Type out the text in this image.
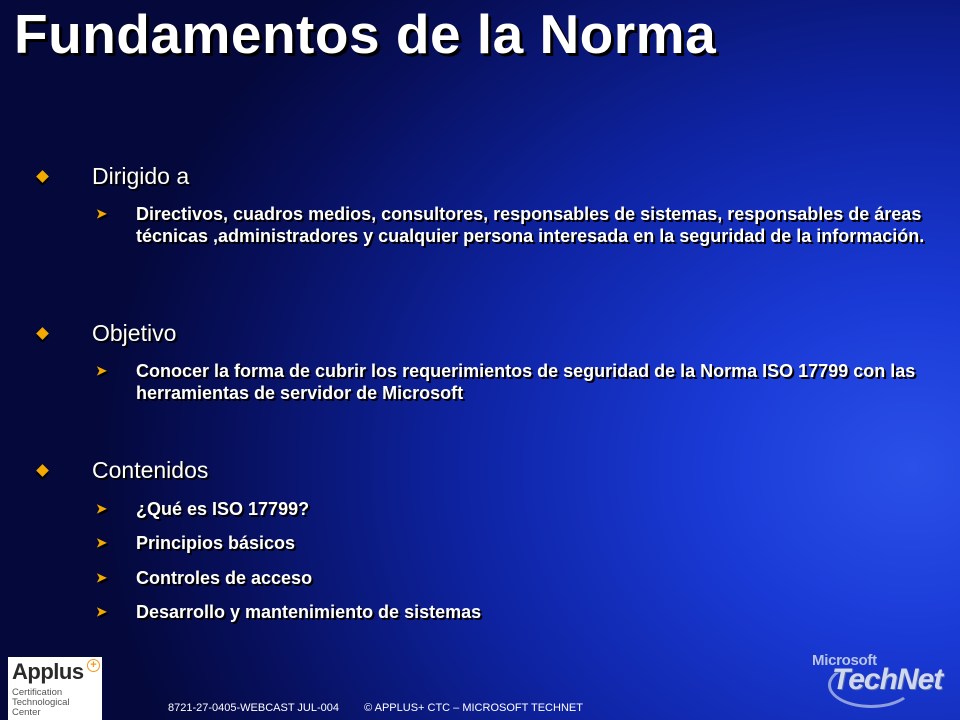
Fundamentos de la Norma
Dirigido a
➤	Directivos, cuadros medios, consultores, responsables de sistemas, responsables de áreas técnicas ,administradores y cualquier persona interesada en la seguridad de la información.
Objetivo
➤	Conocer la forma de cubrir los requerimientos de seguridad de la Norma ISO 17799 con las herramientas de servidor de Microsoft
Contenidos
➤	¿Qué es ISO 17799?
➤	Principios básicos
➤	Controles de acceso
➤	Desarrollo y mantenimiento de sistemas
Applus +
Certification Technological Center	8721-27-0405-WEBCAST JUL-004 © APPLUS+ CTC – MICROSOFT TECHNET
Microsoft
TechNet
